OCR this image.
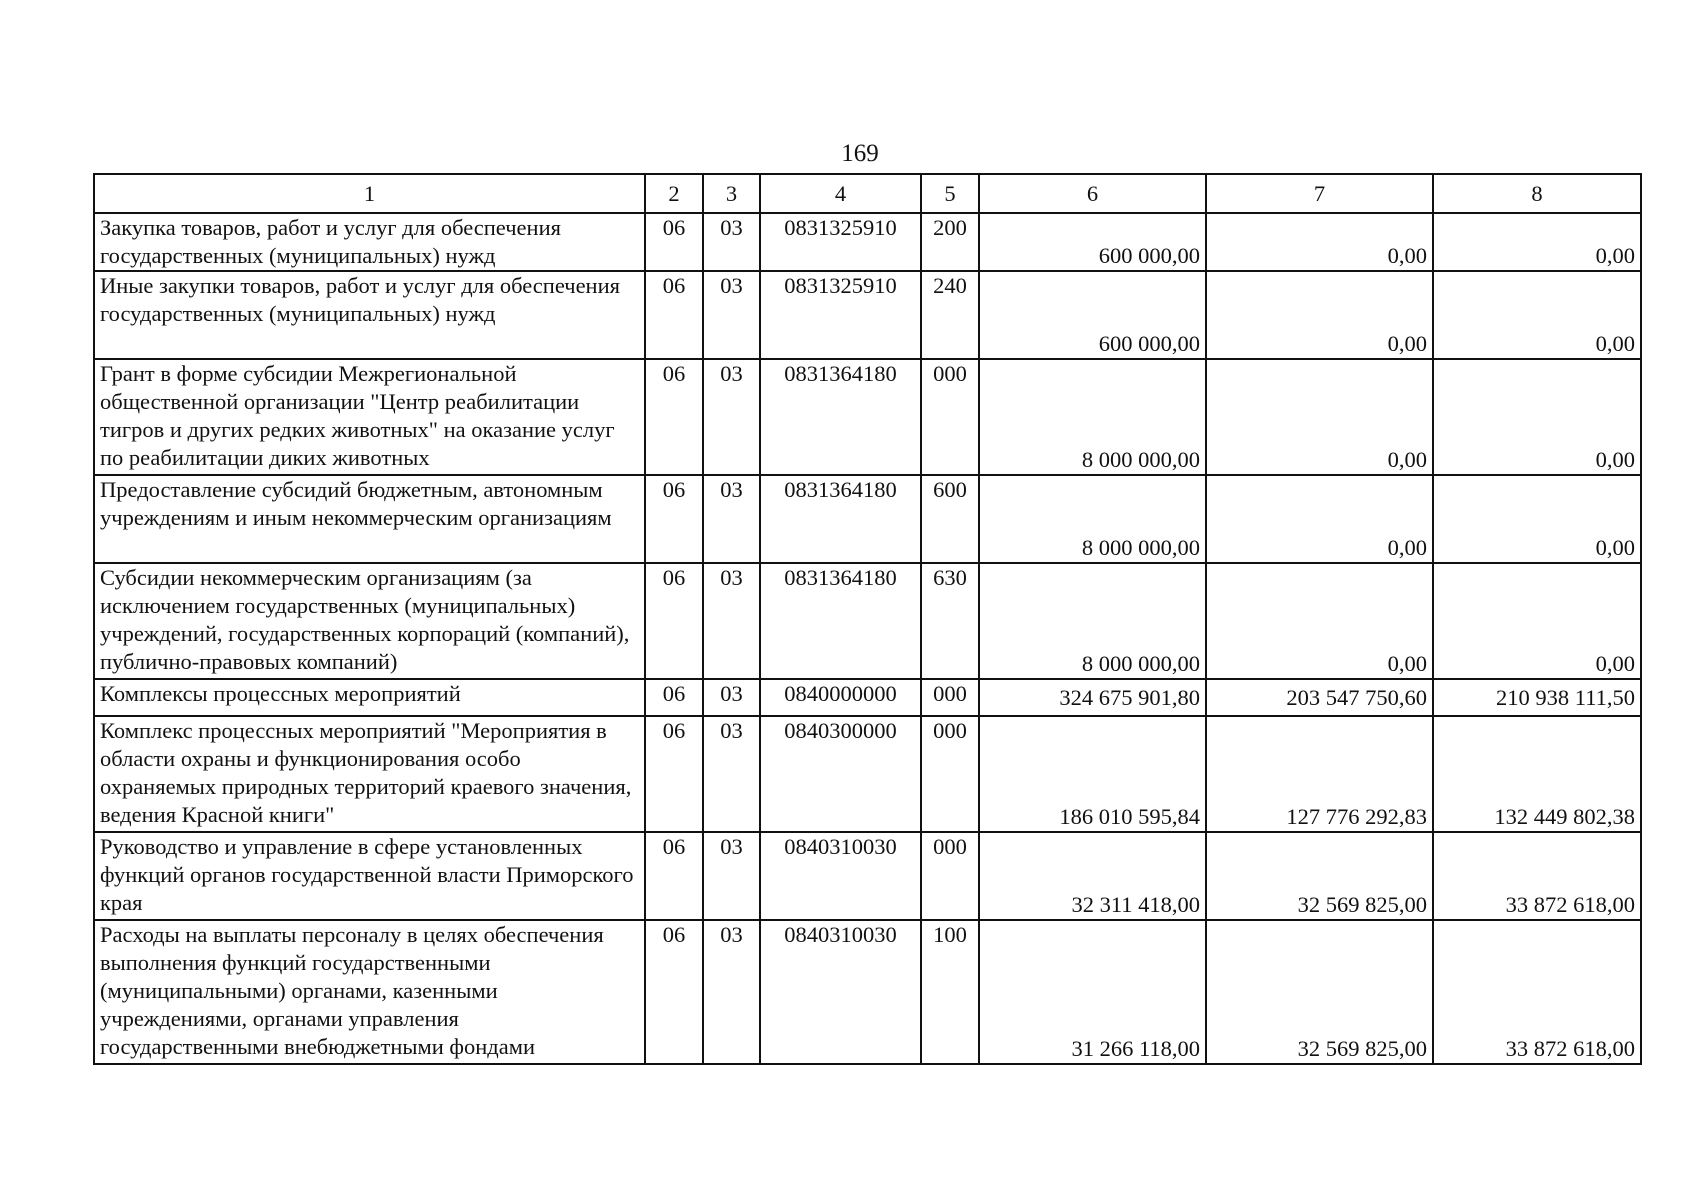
169
1	2	3	4	5	6	7	8
Закупка товаров, работ и услуг для обеспечения государственных (муниципальных) нужд	06	03	0831325910	200	600 000,00	0,00	0,00
Иные закупки товаров, работ и услуг для обеспечения государственных (муниципальных) нужд	06	03	0831325910	240	600 000,00	0,00	0,00
Грант в форме субсидии Межрегиональной общественной организации "Центр реабилитации тигров и других редких животных" на оказание услуг по реабилитации диких животных	06	03	0831364180	000	8 000 000,00	0,00	0,00
Предоставление субсидий бюджетным, автономным учреждениям и иным некоммерческим организациям	06	03	0831364180	600	8 000 000,00	0,00	0,00
Субсидии некоммерческим организациям (за исключением государственных (муниципальных) учреждений, государственных корпораций (компаний), публично-правовых компаний)	06	03	0831364180	630	8 000 000,00	0,00	0,00
Комплексы процессных мероприятий	06	03	0840000000	000	324 675 901,80	203 547 750,60	210 938 111,50
Комплекс процессных мероприятий "Мероприятия в области охраны и функционирования особо охраняемых природных территорий краевого значения, ведения Красной книги"	06	03	0840300000	000	186 010 595,84	127 776 292,83	132 449 802,38
Руководство и управление в сфере установленных функций органов государственной власти Приморского края	06	03	0840310030	000	32 311 418,00	32 569 825,00	33 872 618,00
Расходы на выплаты персоналу в целях обеспечения выполнения функций государственными (муниципальными) органами, казенными учреждениями, органами управления государственными внебюджетными фондами	06	03	0840310030	100	31 266 118,00	32 569 825,00	33 872 618,00
